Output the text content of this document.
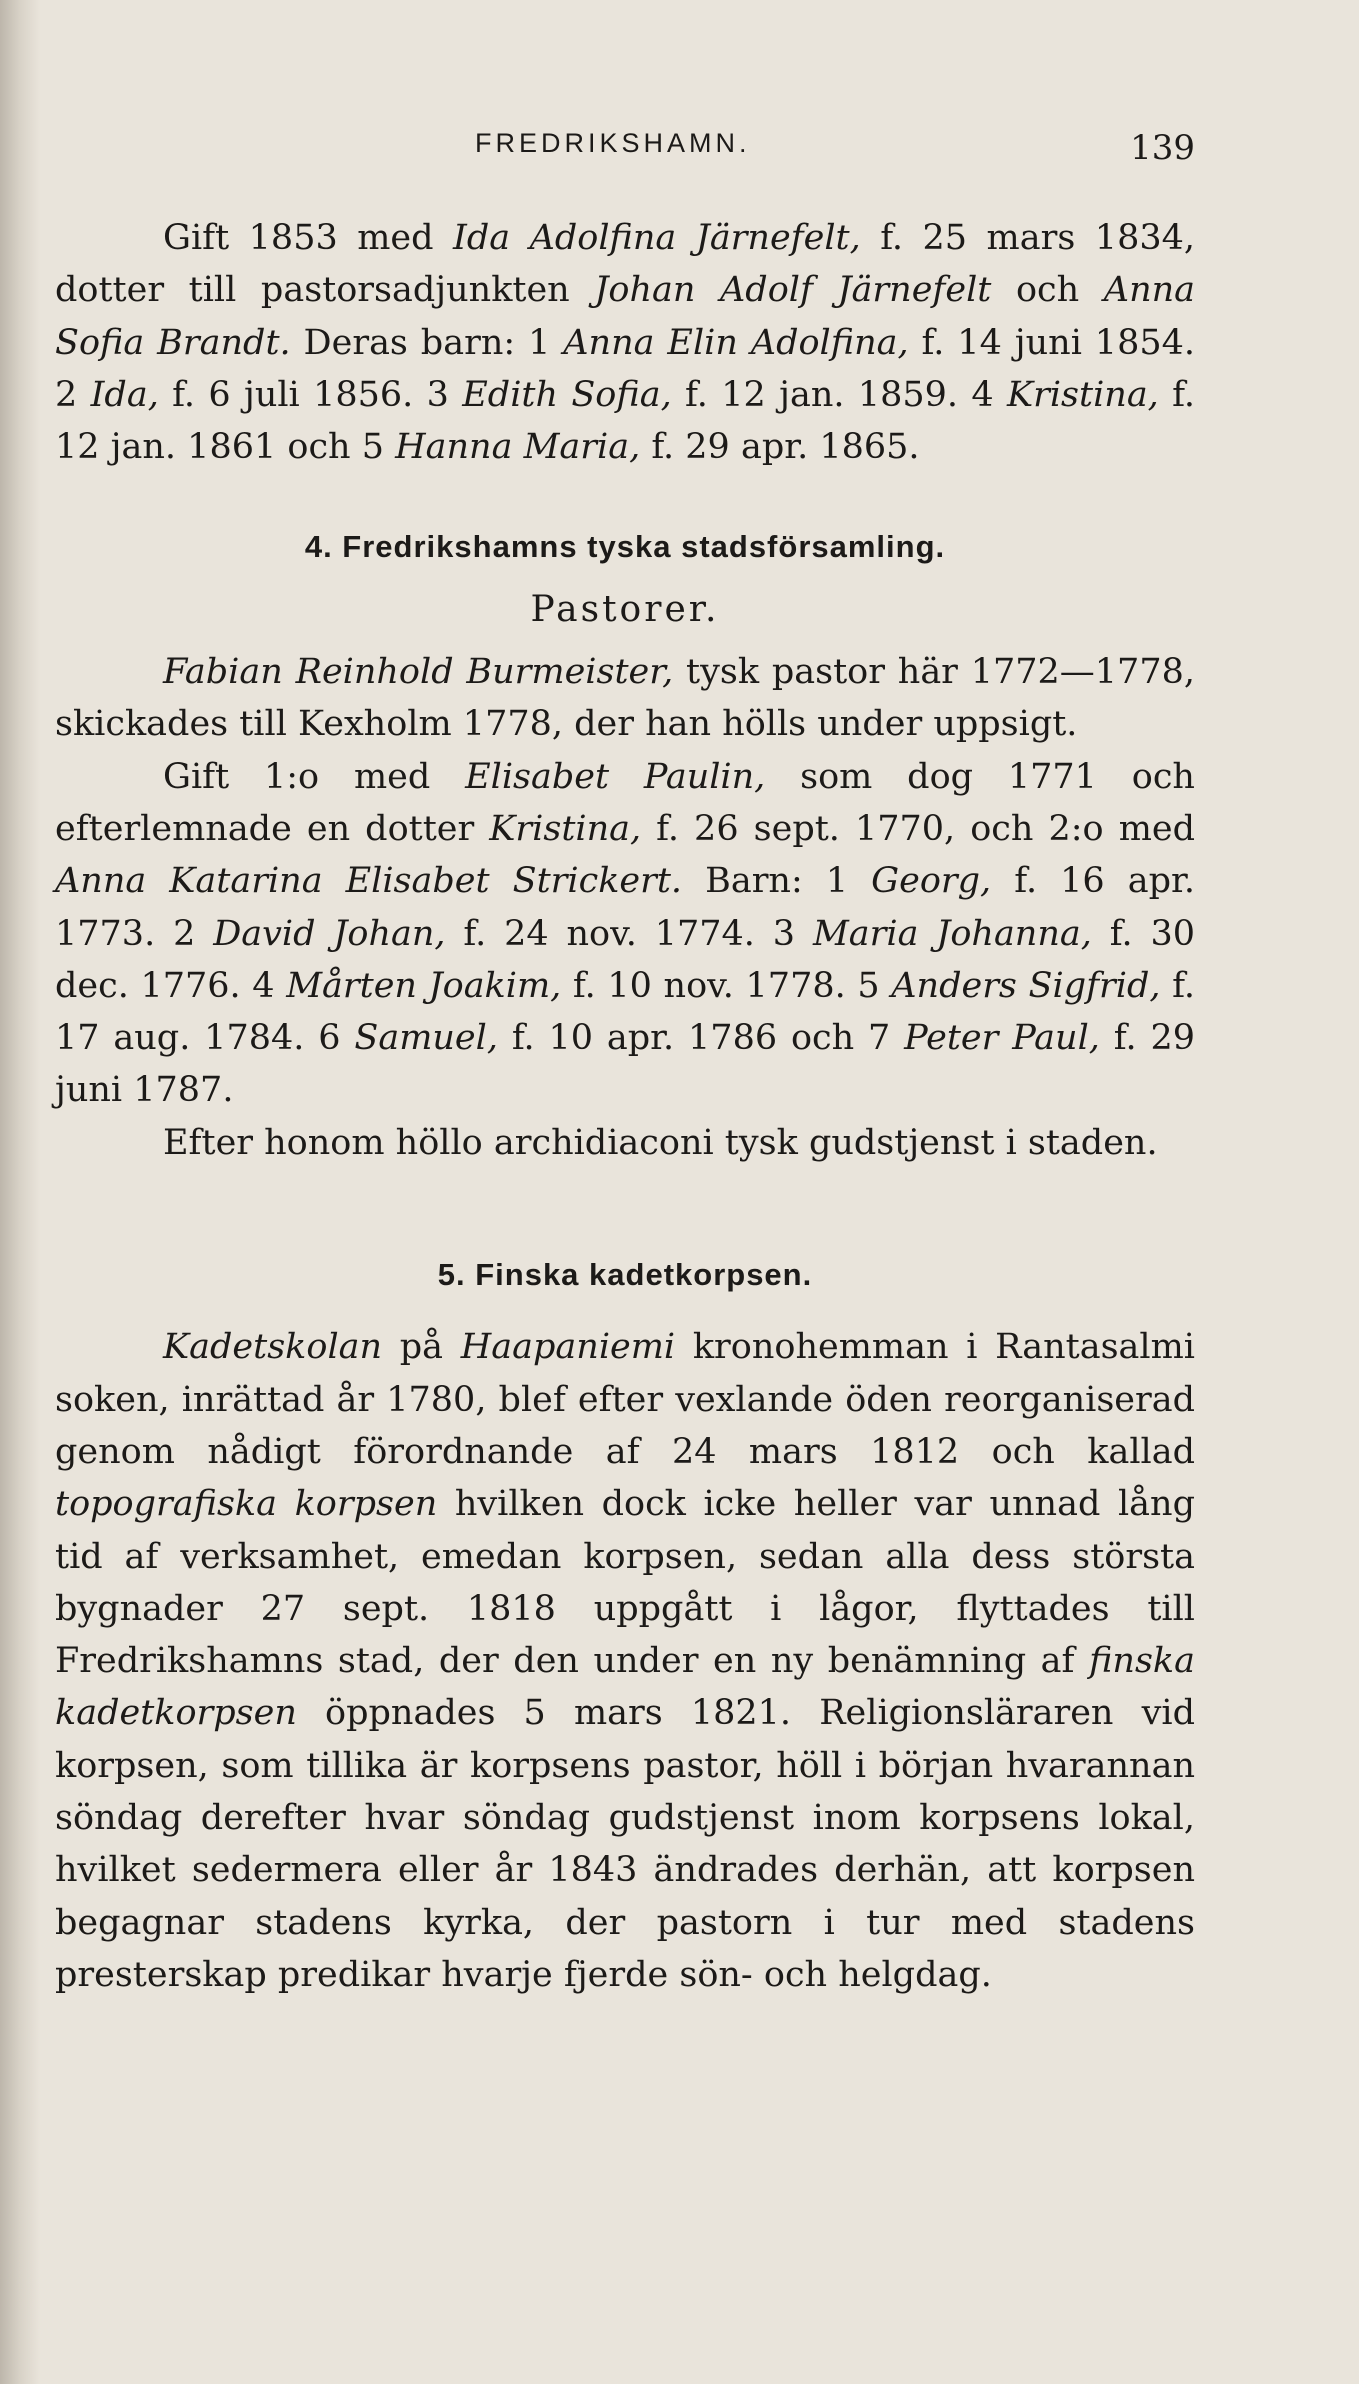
FREDRIKSHAMN.	139

Gift 1853 med Ida Adolfina Järnefelt, f. 25 mars 1834, dotter till pastorsadjunkten Johan Adolf Järnefelt och Anna Sofia Brandt. Deras barn: 1 Anna Elin Adolfina, f. 14 juni 1854. 2 Ida, f. 6 juli 1856. 3 Edith Sofia, f. 12 jan. 1859. 4 Kristina, f. 12 jan. 1861 och 5 Hanna Maria, f. 29 apr. 1865.

4. Fredrikshamns tyska stadsförsamling.

Pastorer.

Fabian Reinhold Burmeister, tysk pastor här 1772—1778, skickades till Kexholm 1778, der han hölls under uppsigt.

Gift 1:o med Elisabet Paulin, som dog 1771 och efterlemnade en dotter Kristina, f. 26 sept. 1770, och 2:o med Anna Katarina Elisabet Strickert. Barn: 1 Georg, f. 16 apr. 1773. 2 David Johan, f. 24 nov. 1774. 3 Maria Johanna, f. 30 dec. 1776. 4 Mårten Joakim, f. 10 nov. 1778. 5 Anders Sigfrid, f. 17 aug. 1784. 6 Samuel, f. 10 apr. 1786 och 7 Peter Paul, f. 29 juni 1787.

Efter honom höllo archidiaconi tysk gudstjenst i staden.

5. Finska kadetkorpsen.

Kadetskolan på Haapaniemi kronohemman i Rantasalmi soken, inrättad år 1780, blef efter vexlande öden reorganiserad genom nådigt förordnande af 24 mars 1812 och kallad topografiska korpsen hvilken dock icke heller var unnad lång tid af verksamhet, emedan korpsen, sedan alla dess största bygnader 27 sept. 1818 uppgått i lågor, flyttades till Fredrikshamns stad, der den under en ny benämning af finska kadetkorpsen öppnades 5 mars 1821. Religionsläraren vid korpsen, som tillika är korpsens pastor, höll i början hvarannan söndag derefter hvar söndag gudstjenst inom korpsens lokal, hvilket sedermera eller år 1843 ändrades derhän, att korpsen begagnar stadens kyrka, der pastorn i tur med stadens presterskap predikar hvarje fjerde sön- och helgdag.
